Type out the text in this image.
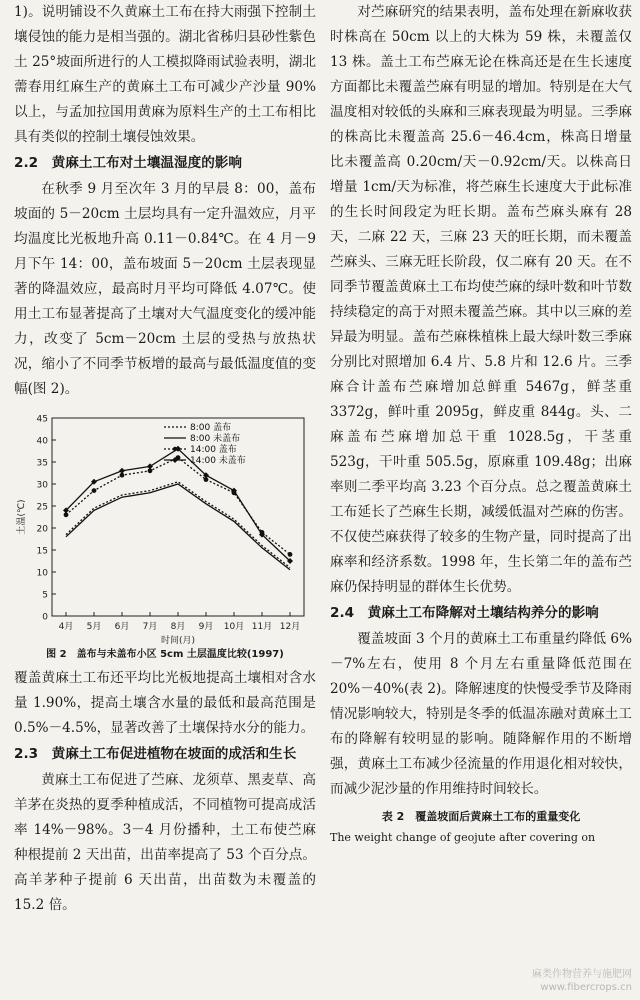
1)。说明铺设不久黄麻土工布在持大雨强下控制土壤侵蚀的能力是相当强的。湖北省秭归县砂性紫色土 25°坡面所进行的人工模拟降雨试验表明，湖北薷春用红麻生产的黄麻土工布可减少产沙量 90%以上，与孟加拉国用黄麻为原料生产的土工布相比具有类似的控制土壤侵蚀效果。

2.2　黄麻土工布对土壤温湿度的影响

在秋季 9 月至次年 3 月的早晨 8：00，盖布坡面的 5－20cm 土层均具有一定升温效应，月平均温度比光板地升高 0.11－0.84℃。在 4 月－9 月下午 14：00，盖布坡面 5－20cm 土层表现显著的降温效应，最高时月平均可降低 4.07℃。使用土工布显著提高了土壤对大气温度变化的缓冲能力，改变了 5cm－20cm 土层的受热与放热状况，缩小了不同季节板增的最高与最低温度值的变幅(图 2)。

0
5
10
15
20
25
30
35
40
45
4月 5月 6月 7月 8月 9月 10月 11月 12月
土温(℃)
时间(月)
8:00 盖布
8:00 未盖布
14:00 盖布
14:00 未盖布
图 2　盖布与未盖布小区 5cm 土层温度比较(1997)

覆盖黄麻土工布还平均比光板地提高土壤相对含水量 1.90%，提高土壤含水量的最低和最高范围是 0.5%－4.5%，显著改善了土壤保持水分的能力。

2.3　黄麻土工布促进植物在坡面的成活和生长

黄麻土工布促进了苎麻、龙须草、黑麦草、高羊茅在炎热的夏季种植成活，不同植物可提高成活率 14%－98%。3－4 月份播种，土工布使苎麻种根提前 2 天出苗，出苗率提高了 53 个百分点。高羊茅种子提前 6 天出苗，出苗数为未覆盖的 15.2 倍。

对苎麻研究的结果表明，盖布处理在新麻收获时株高在 50cm 以上的大株为 59 株，未覆盖仅 13 株。盖土工布苎麻无论在株高还是在生长速度方面都比未覆盖苎麻有明显的增加。特别是在大气温度相对较低的头麻和三麻表现最为明显。三季麻的株高比未覆盖高 25.6－46.4cm，株高日增量比未覆盖高 0.20cm/天－0.92cm/天。以株高日增量 1cm/天为标准，将苎麻生长速度大于此标准的生长时间段定为旺长期。盖布苎麻头麻有 28 天，二麻 22 天，三麻 23 天的旺长期，而未覆盖苎麻头、三麻无旺长阶段，仅二麻有 20 天。在不同季节覆盖黄麻土工布均使苎麻的绿叶数和叶节数持续稳定的高于对照未覆盖苎麻。其中以三麻的差异最为明显。盖布苎麻株植株上最大绿叶数三季麻分别比对照增加 6.4 片、5.8 片和 12.6 片。三季麻合计盖布苎麻增加总鲜重 5467g，鲜茎重 3372g，鲜叶重 2095g，鲜皮重 844g。头、二麻盖布苎麻增加总干重 1028.5g，干茎重 523g，干叶重 505.5g，原麻重 109.48g；出麻率则二季平均高 3.23 个百分点。总之覆盖黄麻土工布延长了苎麻生长期，减缓低温对苎麻的伤害。不仅使苎麻获得了较多的生物产量，同时提高了出麻率和经济系数。1998 年，生长第二年的盖布苎麻仍保持明显的群体生长优势。

2.4　黄麻土工布降解对土壤结构养分的影响

覆盖坡面 3 个月的黄麻土工布重量约降低 6%－7%左右，使用 8 个月左右重量降低范围在 20%－40%(表 2)。降解速度的快慢受季节及降雨情况影响较大，特别是冬季的低温冻融对黄麻土工布的降解有较明显的影响。随降解作用的不断增强，黄麻土工布减少径流量的作用退化相对较快，而减少泥沙量的作用维持时间较长。

表 2　覆盖坡面后黄麻土工布的重量变化
The weight change of geojute after covering on
麻类作物营养与施肥网
www.fibercrops.cn
